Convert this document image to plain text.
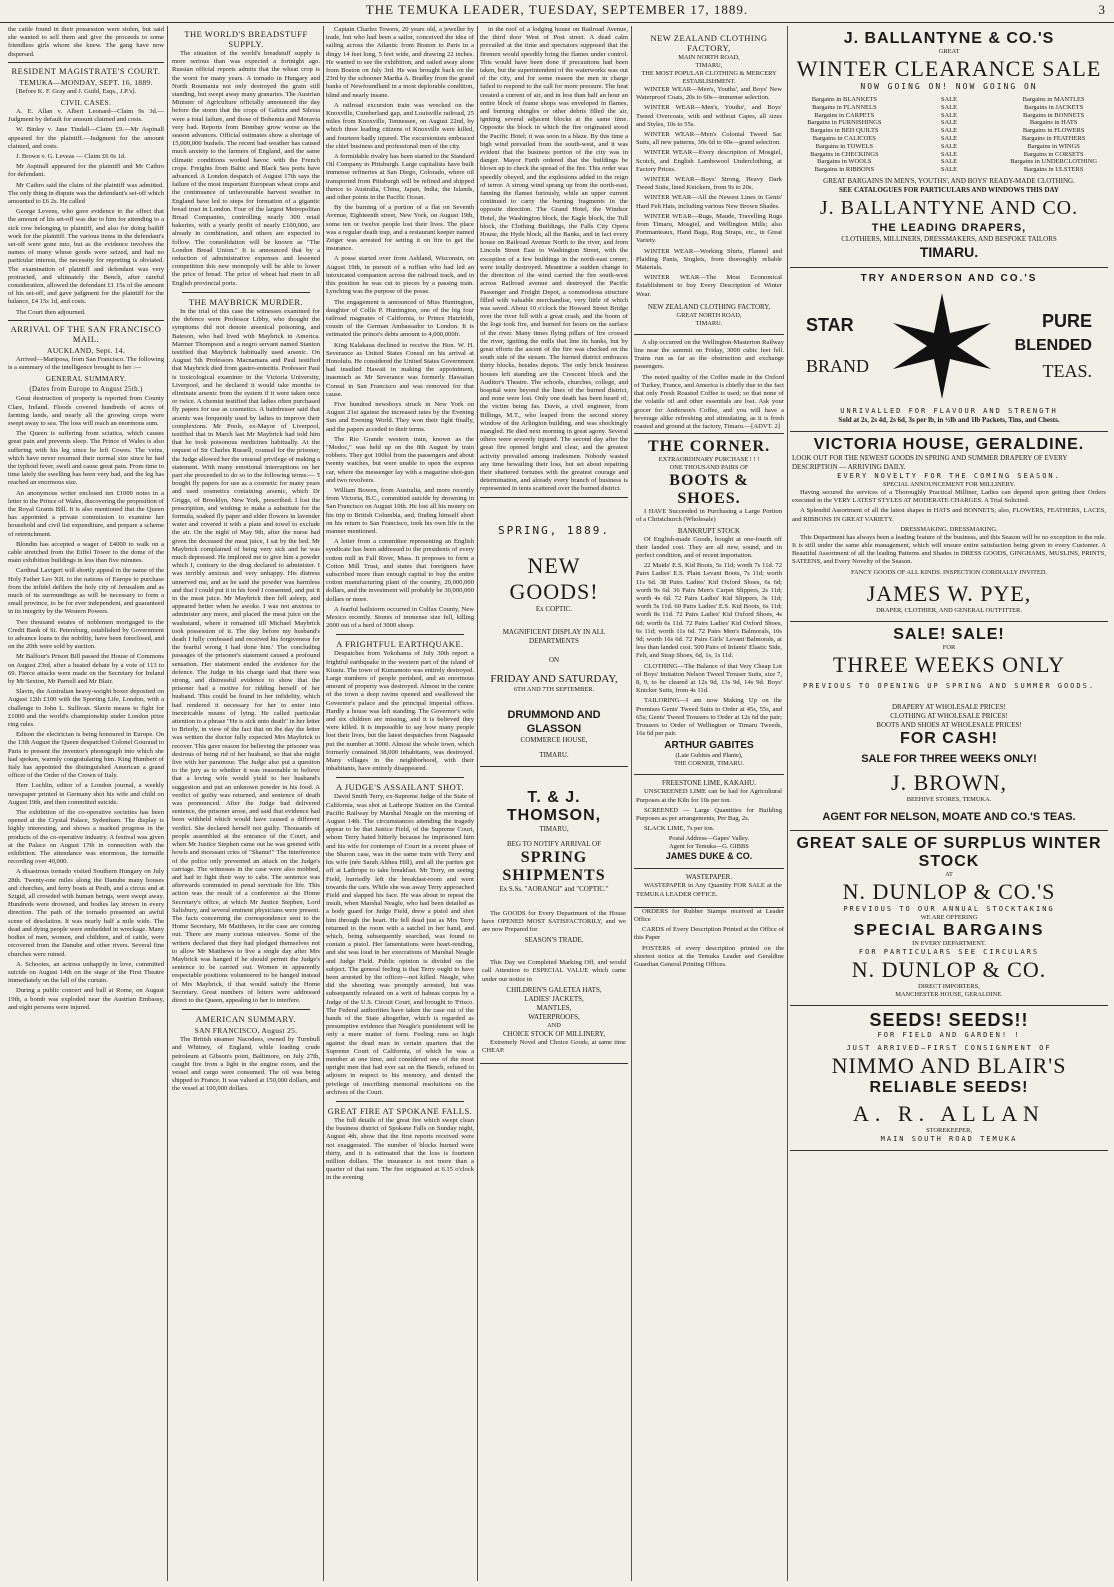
THE TEMUKA LEADER, TUESDAY, SEPTEMBER 17, 1889.	3

the cattle found in their possession were stolen, but said she wanted to sell them and give the proceeds to some friendless girls whom she knew. The gang have now dispersed.

RESIDENT MAGISTRATE'S COURT.
TEMUKA—MONDAY, SEPT. 16, 1889.

[Before K. F. Gray and J. Guild, Esqs., J.P.'s].

CIVIL CASES.

A. E. Allan v. Albert Leonard—Claim 9s 3d.—Judgment by default for amount claimed and costs.

W. Binley v. Jane Tindall—Claim £9.—Mr Aspinall appeared for the plaintiff.—Judgment for the amount claimed, and costs.

J. Brown v. G. Leveas — Claim £6 0s 1d.

Mr Aspinall appeared for the plaintiff and Mr Cathro for defendant.

Mr Cathro said the claim of the plaintiff was admitted. The only thing in dispute was the defendant's set-off which amounted to £6 2s. He called

George Levens, who gave evidence to the effect that the amount of his set-off was due to him for attending to a sick cow belonging to plaintiff, and also for doing bailiff work for the plaintiff. The various items in the defendant's set-off were gone into, but as the evidence involves the names of many whose goods were seized, and had no particular interest, the necessity for reporting is obviated. The examination of plaintiff and defendant was very protracted, and ultimately the Bench, after careful consideration, allowed the defendant £1 15s of the amount of his set-off, and gave judgment for the plaintiff for the balance, £4 15s 1d, and costs.

The Court then adjourned.

ARRIVAL OF THE SAN FRANCISCO MAIL.
AUCKLAND, Sept. 14.

Arrived—Mariposa, from San Francisco. The following is a summary of the intelligence brought to her :—

GENERAL SUMMARY.
(Dates from Europe to August 25th.)

Great destruction of property is reported from County Clare, Ireland. Floods covered hundreds of acres of farming lands, and nearly all the growing crops were swept away to sea. The loss will reach an enormous sum.

The Queen is suffering from sciatica, which causes great pain and prevents sleep. The Prince of Wales is also suffering with his leg since he left Cowes. The veins, which have never resumed their normal size since he had the typhoid fever, swell and cause great pain. From time to time lately the swelling has been very bad, and the leg has reached an enormous size.

An anonymous writer enclosed ten £1000 notes in a letter to the Prince of Wales, discovering the proposition of the Royal Grants Bill. It is also mentioned that the Queen has appointed a private commission to examine her household and civil list expenditure, and prepare a scheme of retrenchment.

Blondin has accepted a wager of £4000 to walk on a cable stretched from the Eiffel Tower to the dome of the main exhibition buildings in less than five minutes.

Cardinal Lavigeri will shortly appeal in the name of the Holy Father Leo XII. to the nations of Europe to purchase from the infidel defilers the holy city of Jerusalem and as much of its surroundings as will be necessary to form a small province, to be for ever independent, and guaranteed in its integrity by the Western Powers.

Two thousand estates of noblemen mortgaged to the Credit Bank of St. Petersburg, established by Government to advance loans to the nobility, have been foreclosed, and on the 20th were sold by auction.

Mr Balfour's Prison Bill passed the House of Commons on August 23rd, after a heated debate by a vote of 113 to 69. Fierce attacks were made on the Secretary for Ireland by Mr Sexton, Mr Parnell and Mr Blair.

Slavin, the Australian heavy-weight boxer deposited on August 12th £100 with the Sporting Life, London, with a challenge to John L. Sullivan. Slavin means to fight for £1000 and the world's championship under London prize ring rules.

Edison the electrician is being honoured in Europe. On the 13th August the Queen despatched Colonel Gouraud to Paris to present the inventor's phonograph into which she had spoken, warmly congratulating him. King Humbert of Italy has appointed the distinguished American a grand officer of the Order of the Crown of Italy.

Herr Lochlin, editor of a London journal, a weekly newspaper printed in Germany shot his wife and child on August 19th, and then committed suicide.

The exhibition of the co-operative societies has been opened at the Crystal Palace, Sydenham. The display is highly interesting, and shows a marked progress in the products of the co-operative industry. A festival was given at the Palace on August 17th in connection with the exhibition. The attendance was enormous, the turnstile recording over 40,000.

A disastrous tornado visited Southern Hungary on July 28th. Twenty-one miles along the Danube many houses and churches, and ferry boats at Pesth, and a circus and at Szigid, all crowded with human beings, were swept away. Hundreds were drowned, and bodies lay strewn in every direction. The path of the tornado presented an awful scene of desolation. It was nearly half a mile wide. The dead and dying people were embedded in wreckage. Many bodies of men, women, and children, and of cattle, were recovered from the Danube and other rivers. Several fine churches were ruined.

A. Schootes, an actress unhappily in love, committed suicide on August 14th on the stage of the First Theatre immediately on the fall of the curtain.

During a public concert and ball at Rome, on August 19th, a bomb was exploded near the Austrian Embassy, and eight persons were injured.

THE WORLD'S BREADSTUFF SUPPLY.

The situation of the world's breadstuff supply is more serious than was expected a fortnight ago. Russian official reports admits that the wheat crop is the worst for many years. A tornado in Hungary and North Roumania not only destroyed the grain still standing, but swept away many granaries. The Austrian Minister of Agriculture officially announced the day before the storm that the crops of Galicia and Silesia were a total failure, and those of Bohemia and Moravia very bad. Reports from Bombay grow worse as the season advances. Official estimates show a shortage of 15,000,000 bushels. The recent bad weather has caused much anxiety to the farmers of England, and the same climatic conditions worked havoc with the French crops. Freights from Baltic and Black Sea ports have advanced. A London despatch of August 17th says the failure of the most important European wheat crops and the continuance of unfavourable harvest weather in England have led to steps for formation of a gigantic bread trust in London. Four of the largest Metropolitan Bread Companies, controlling nearly 300 retail bakeries, with a yearly profit of nearly £100,000, are already in combination, and others are expected to follow. The consolidation will be known as "The London Bread Union." It is announced that by a reduction of administrative expenses and lessened competition this new monopoly will be able to lower the price of bread. The price of wheat had risen in all English provincial ports.

THE MAYBRICK MURDER.

In the trial of this case the witnesses examined for the defence were Professor Libby, who thought the symptoms did not denote arsenical poisoning, and Bateson, who had lived with Maybrick in America. Marmer Thompson and a negro servant named Stanton testified that Maybrick habitually used arsenic. On August 5th Professors Macnamara and Paul testified that Maybrick died from gastro-enteritis. Professor Paul is toxicological examiner in the Victoria University, Liverpool, and he declared it would take months to eliminate arsenic from the system if it were taken once or twice. A chemist testified that ladies often purchased fly papers for use as cosmetics. A hairdresser said that arsenic was frequently used by ladies to improve their complexions. Mr Pools, ex-Mayor of Liverpool, testified that in March last Mr Maybrick had told him that he took poisonous medicines habitually. At the request of Sir Charles Russell, counsel for the prisoner, the Judge allowed her the unusual privilege of making a statement. With many emotional interruptions on her part she proceeded to do so to the following terms:— 'I bought fly papers for use as a cosmetic for many years and used cosmetics containing arsenic, which Dr Griggs, of Brooklyn, New York, prescribed. I lost the prescription, and wishing to make a substitute for the formula, soaked fly paper and elder flowers in lavender water and covered it with a plate and towel to exclude the air. On the night of May 9th, after the nurse had given the deceased the meat juice, I sat by the bed. Mr Maybrick complained of being very sick and he was much depressed. He implored me to give him a powder which I, contrary to the drug declared to administer. I was terribly anxious and very unhappy. His distress unnerved me, and as he said the powder was harmless and that I could put it in his food I consented, and put it in the meat juice. Mr Maybrick then fell asleep, and appeared better when he awoke. I was not anxious to administer any more, and placed the meat juice on the washstand, where it remained till Michael Maybrick took possession of it. The day before my husband's death I fully confessed and received his forgiveness for the fearful wrong I had done him.' The concluding passages of the prisoner's statement caused a profound sensation. Her statement ended the evidence for the defence. The Judge in his charge said that there was strong, and distressful evidence to show that the prisoner had a motive for ridding herself of her husband. This could be found in her infidelity, which had rendered it necessary for her to enter into inextricable means of lying. He called particular attention to a phrase "He is sick unto death" in her letter to Brierly, in view of the fact that on the day the letter was written the doctor fully expected Mrs Maybrick to recover. This gave reason for believing the prisoner was desirous of being rid of her husband, so that she might live with her paramour. The Judge also put a question to the jury as to whether it was reasonable to believe that a loving wife would yield to her husband's suggestion and put an unknown powder in his food. A verdict of guilty was returned, and sentence of death was pronounced. After the Judge had delivered sentence, the prisoner arose, and said that evidence had been withheld which would have caused a different verdict. She declared herself not guilty. Thousands of people assembled at the entrance of the Court, and when Mr Justice Stephen came out he was greeted with howls and incessant cries of "Shame!" The interference of the police only prevented an attack on the Judge's carriage. The witnesses in the case were also mobbed, and had to fight their way to cabs. The sentence was afterwards commuted to penal servitude for life. This action was the result of a conference at the Home Secretary's office, at which Mr Justice Stephen, Lord Salisbury, and several eminent physicians were present. The facts concerning the correspondence sent to the Home Secretary, Mr Matthews, in the case are coming out. There are many curious missives. Some of the writers declared that they had pledged themselves not to allow Mr Matthews to live a single day after Mrs Maybrick was hanged if he should permit the Judge's sentence to be carried out. Women in apparently respectable positions volunteered to be hanged instead of Mrs Maybrick, if that would satisfy the Home Secretary. Great numbers of letters were addressed direct to the Queen, appealing to her to interfere.

AMERICAN SUMMARY.
SAN FRANCISCO, August 25.

The British steamer Nacodees, owned by Turnbull and Whitney, of England, while loading crude petroleum at Gibson's point, Baltimore, on July 27th, caught fire from a light in the engine room, and the vessel and cargo were consumed. The oil was being shipped to France. It was valued at 150,000 dollars, and the vessel at 100,000 dollars.

Captain Charles Towers, 20 years old, a jeweller by trade, but who had been a sailor, conceived the idea of sailing across the Atlantic from Boston to Paris in a dingy 14 feet long, 5 feet wide, and drawing 22 inches. He wanted to see the exhibition, and sailed away alone from Boston on July 3rd. He was brought back on the 23rd by the schooner Martha A. Bradley from the grand banks of Newfoundland in a most deplorable condition, blind and nearly insane.

A railroad excursion train was wrecked on the Knoxville, Cumberland gap, and Louisville railroad, 25 miles from Knoxville, Tennessee, on August 22nd, by which three leading citizens of Knoxville were killed, and fourteen badly injured. The excursionists embraced the chief business and professional men of the city.

A formidable rivalry has been started to the Standard Oil Company in Pittsburgh. Large capitalists have built immense refineries at San Diego, Colorado, where oil transported from Pittsburgh will be refined and shipped thence to Australia, China, Japan, India, the Islands, and other points in the Pacific Ocean.

By the burning of a portion of a flat on Seventh Avenue, Eighteenth street, New York, on August 19th, some ten or twelve people lost their lives. The place was a regular death trap, and a restaurant keeper named Zeiger was arrested for setting it on fire to get the insurance.

A posse started over from Ashland, Wisconsin, on August 19th, in pursuit of a ruffian who had led an intoxicated companion across the railroad track, and in this position he was cut to pieces by a passing train. Lynching was the purpose of the posse.

The engagement is announced of Miss Huntington, daughter of Collis P. Huntington, one of the big four railroad magnates of California, to Prince Hatzfeldt, cousin of the German Ambassador to London. It is estimated the prince's debts amount to 4,000,000fr.

King Kalakaua declined to receive the Hon. W. H. Severance as United States Consul on his arrival at Honolulu. He considered the United States Government had insulted Hawaii in making the appointment, inasmuch as Mr Severance was formerly Hawaiian Consul in San Francisco and was removed for that cause.

Five hundred newsboys struck in New York on August 21st against the increased rates by the Evening Sun and Evening World. They won their fight finally, and the papers acceded to their terms.

The Rio Grande western train, known as the "Modoc," was held up on the 8th August by train robbers. They got 100lol from the passengers and about twenty watches, but were unable to open the express car, where the messenger lay with a magazine shot-gun and two revolvers.

William Bowen, from Australia, and more recently from Victoria, B.C., committed suicide by drowning in San Francisco on August 10th. He lost all his money on his trip to British Columbia, and, finding himself short on his return to San Francisco, took his own life in the manner mentioned.

A letter from a committee representing an English syndicate has been addressed to the presidents of every cotton mill in Fall River, Mass. It proposes to form a Cotton Mill Trust, and states that foreigners have subscribed more than enough capital to buy the entire cotton manufacturing plant of the country, 20,000,000 dollars, and the investment will probably be 30,000,000 dollars or more.

A fearful hailstorm occurred in Colfax County, New Mexico recently. Stones of immense size fell, killing 2000 out of a herd of 3000 sheep.

A FRIGHTFUL EARTHQUAKE.

Despatches from Yokohama of July 30th report a frightful earthquake in the western part of the island of Kiusiu. The town of Kumamoto was entirely destroyed. Large numbers of people perished, and an enormous amount of property was destroyed. Almost in the centre of the town a deep ravine opened and swallowed the Governor's palace and the principal imperial offices. Hardly a house was left standing. The Governor's wife and six children are missing, and it is believed they were killed. It is impossible to say how many people lost their lives, but the latest despatches from Nagasaki put the number at 3000. Almost the whole town, which formerly contained 38,000 inhabitants, was destroyed. Many villages in the neighborhood, with their inhabitants, have entirely disappeared.

A JUDGE'S ASSAILANT SHOT.

David Smith Terry, ex-Supreme Judge of the State of California, was shot at Lathrope Station on the Central Pacific Railway by Marshal Neagle on the morning of August 14th. The circumstances attending the tragedy appear to be that Justice Field, of the Supreme Court, whom Terry hated bitterly because he imprisoned him and his wife for contempt of Court in a recent phase of the Sharon case, was in the same train with Terry and his wife (née Sarah Althea Hill), and all the parties got off at Lathrope to take breakfast. Mr Terry, on seeing Field, hurriedly left the breakfast-room and went towards the cars. While she was away Terry approached Field and slapped his face. He was about to repeat the insult, when Marshal Neagle, who had been detailed as a body guard for Judge Field, drew a pistol and shot him through the heart. He fell dead just as Mrs Terry returned to the room with a satchel in her hand, and which, being subsequently searched, was found to contain a pistol. Her lamentations were heart-rending, and she was loud in her execrations of Marshal Neagle and Judge Field. Public opinion is divided on the subject. The general feeling is that Terry ought to have been arrested by the officer—not killed. Neagle, who did the shooting was promptly arrested, but was subsequently released on a writ of habeas corpus by a Judge of the U.S. Circuit Court, and brought to 'Frisco. The Federal authorities have taken the case out of the hands of the State altogether, which is regarded as presumptive evidence that Neagle's punishment will be only a mere matter of form. Feeling runs so high against the dead man in certain quarters that the Supreme Court of California, of which he was a member at one time, and considered one of the most upright men that had ever sat on the Bench, refused to adjourn in respect to his memory, and denied the privilege of inscribing memorial resolutions on the archives of the Court.

GREAT FIRE AT SPOKANE FALLS.

The full details of the great fire which swept clean the business district of Spokane Falls on Sunday night, August 4th, show that the first reports received were not exaggerated. The number of blocks burned were thirty, and it is estimated that the loss is fourteen million dollars. The insurance is not more than a quarter of that sum. The fire originated at 6.15 o'clock in the evening

in the roof of a lodging house on Railroad Avenue, the third door West of Post street. A dead calm prevailed at the time and spectators supposed that the firemen would speedily bring the flames under control. This would have been done if precautions had been taken, but the superintendent of the waterworks was out of the city, and for some reason the men in charge failed to respond to the call for more pressure. The heat created a current of air, and in less than half an hour an entire block of frame shops was enveloped in flames, and burning shingles or other debris filled the air, igniting several adjacent blocks at the same time. Opposite the block in which the fire originated stood the Pacific Hotel; it was soon in a blaze. By this time a high wind prevailed from the south-west, and it was evident that the business portion of the city was in danger. Mayor Furth ordered that the buildings be blown up to check the spread of the fire. This order was speedily obeyed, and the explosions added to the reign of terror. A strong wind sprang up from the north-east, fanning the flames furiously, while an upper current continued to carry the burning fragments in the opposite direction. The Grand Hotel, the Windsor Hotel, the Washington block, the Eagle block, the Tull block, the Clothing Buildings, the Falls City Opera House, the Hyde block, all the Banks, and in fact every house on Railroad Avenue North to the river, and from Lincoln Street East to Washington Street, with the exception of a few buildings in the north-east corner, were totally destroyed. Meantime a sudden change in the direction of the wind carried the fire south-west across Railroad avenue and destroyed the Pacific Passenger and Freight Depot, a commodious structure filled with valuable merchandise, very little of which was saved. About 10 o'clock the Howard Street Bridge over the river fell with a great crash, and the boom of the logs took fire, and burned for hours on the surface of the river. Many times flying pillars of fire crossed the river, igniting the mills that line its banks, but by great efforts the ascent of the fire was checked on the south side of the stream. The burned district embraces thirty blocks, besides depots. The only brick business houses left standing are the Crescent block and the Auditor's Theatre. The schools, churches, college, and hospital were beyond the lines of the burned district, and none were lost. Only one death has been heard of, the victim being Jas. Davis, a civil engineer, from Billings, M.T., who leaped from the second storey window of the Arlington building, and was shockingly mangled. He died next morning in great agony. Several others were severely injured. The second day after the great fire opened bright and clear, and the greatest activity prevailed among tradesmen. Nobody wasted any time bewailing their loss, but set about repairing their shattered fortunes with the greatest courage and determination, and already every branch of business is represented in tents scattered over the burned district.

SPRING, 1889.
NEW GOODS!
Ex COPTIC.
MAGNIFICENT DISPLAY IN ALL DEPARTMENTS
ON
FRIDAY AND SATURDAY,
6TH AND 7TH SEPTEMBER.
DRUMMOND AND GLASSON
COMMERCE HOUSE,
TIMARU.
T. & J. THOMSON,
TIMARU,
BEG TO NOTIFY ARRIVAL OF
SPRING SHIPMENTS
Ex S.Ss. "AORANGI" and "COPTIC."

The GOODS for Every Department of the House have OPENED MOST SATISFACTORILY, and we are now Prepared for

SEASON'S TRADE.

This Day we Completed Marking Off, and would call Attention to ESPECIAL VALUE which came under our notice in

CHILDREN'S GALETEA HATS,
LADIES' JACKETS,
MANTLES,
WATERPROOFS,
AND
CHOICE STOCK OF MILLINERY,

Extremely Novel and Choice Goods, at same time CHEAP.

NEW ZEALAND CLOTHING FACTORY,
MAIN NORTH ROAD,
TIMARU,
THE MOST POPULAR CLOTHING & MERCERY ESTABLISHMENT.

WINTER WEAR—Men's, Youths', and Boys' New Waterproof Coats, 20s to 60s—immense selection.

WINTER WEAR—Men's, Youths', and Boys' Tweed Overcoats, with and without Capes, all sizes and Styles, 10s to 55s.

WINTER WEAR—Men's Colonial Tweed Sac Suits, all new patterns, 30s 6d to 60s—grand selection.

WINTER WEAR—Every description of Mosgiel, Scotch, and English Lambswool Underclothing, at Factory Prices.

WINTER WEAR—Boys' Strong, Heavy Dark Tweed Suits, lined Knickers, from 9s to 20s.

WINTER WEAR—All the Newest Lines in Gents' Hard Felt Hats, including various New Brown Shades.

WINTER WEAR—Rugs, Maude, Travelling Rugs from Timaru, Mosgiel, and Wellington Mills; also Portmanteaux, Hand Bags, Rug Straps, etc., in Great Variety.

WINTER WEAR—Working Shirts, Flannel and Plaiding Pants, Singlets, from thoroughly reliable Materials.

WINTER WEAR—The Most Economical Establishment to buy Every Description of Winter Wear.

NEW ZEALAND CLOTHING FACTORY,
GREAT NORTH ROAD,
TIMARU.

A slip occurred on the Wellington-Masterton Railway line near the summit on Friday, 3000 cubic feet fell. Trains run as far as the obstruction and exchange passengers.

The noted quality of the Coffee made in the Oxford of Turkey, France, and America is chiefly due to the fact that only Fresh Roasted Coffee is used; so that none of the volatile oil and other essentials are lost. Ask your grocer for Anderson's Coffee, and you will have a beverage alike refreshing and stimulating, as it is fresh roasted and ground at the factory, Timaru.—[ADVT. 2]

THE CORNER.
EXTRAORDINARY PURCHASE ! ! !
ONE THOUSAND PAIRS OF
BOOTS & SHOES.

I HAVE Succeeded in Purchasing a Large Portion of a Christchurch (Wholesale)

BANKRUPT STOCK

Of English-made Goods, bought at one-fourth off their landed cost. They are all new, sound, and in perfect condition, and of recent importation.

22 Maids' E.S. Kid Boots, 5s 11d; worth 7s 11d. 72 Pairs Ladies' E.S. Plain Levant Boots, 7s 11d; worth 11s 6d. 38 Pairs Ladies' Kid Oxford Shoes, 6s 6d; worth 9s 6d. 36 Pairs Men's Carpet Slippers, 2s 11d; worth 4s 6d. 72 Pairs Ladies' Kid Slippers, 3s 11d; worth 5s 11d. 60 Pairs Ladies' E.S. Kid Boots, 6s 11d; worth 8s 11d. 72 Pairs Ladies' Kid Oxford Shoes, 4s 6d; worth 6s 11d. 72 Pairs Ladies' Kid Oxford Shoes, 6s 11d; worth 11s 6d. 72 Pairs Men's Balmorals, 10s 9d; worth 16s 6d. 72 Pairs Girls' Levant Balmorals, at less than landed cost. 500 Pairs of Infants' Elastic Side, Felt, and Strap Shoes, 6d, 1s, 1s 11d.

CLOTHING—The Balance of that Very Cheap Lot of Boys' Imitation Nelson Tweed Trouser Suits, size 7, 8, 9, to be cleared at 12s 9d, 13s 9d, 14s 9d. Boys' Knicker Suits, from 4s 11d.

TAILORING—I am now Making Up on the Premises Gents' Tweed Suits to Order at 45s, 55s, and 65s; Gents' Tweed Trousers to Order at 12s 6d the pair; Trousers to Order of Wellington or Timaru Tweeds, 16s 6d per pair.

ARTHUR GABITES
(Late Gubites and Plante),
THE CORNER, TIMARU.
FREESTONE LIME, KAKAHU.

UNSCREENED LIME can be had for Agricultural Purposes at the Kiln for 10s per ton.

SCREENED — Large Quantities for Building Purposes as per arrangements, Per Bag, 2s.

SLACK LIME, 7s per ton.

Postal Address—Gapes' Valley.
Agent for Temuka—G. GIBBS
JAMES DUKE & CO.
WASTEPAPER.

WASTEPAPER in Any Quantity FOR SALE at the TEMUKA LEADER OFFICE.

ORDERS for Rubber Stamps received at Leader Office

CARDS of Every Description Printed at the Office of this Paper

POSTERS of every description printed on the shortest notice at the Temuka Leader and Geraldine Guardian General Printing Offices.

J. BALLANTYNE & CO.'S
GREAT
WINTER CLEARANCE SALE
NOW GOING ON! NOW GOING ON
Bargains in BLANKETS	SALE	Bargains in MANTLES
Bargains in FLANNELS	SALE	Bargains in JACKETS
Bargains in CARPETS	SALE	Bargains in BONNETS
Bargains in FURNISHINGS	SALE	Bargains in HATS
Bargains in BED QUILTS	SALE	Bargains in FLOWERS
Bargains in CALICOES	SALE	Bargains in FEATHERS
Bargains in TOWELS	SALE	Bargains in WINGS
Bargains in CHECKINGS	SALE	Bargains in CORSETS
Bargains in WOOLS	SALE	Bargains in UNDERCLOTHING
Bargains in RIBBONS	SALE	Bargains in ULSTERS
GREAT BARGAINS IN MEN'S, YOUTHS', AND BOYS' READY-MADE CLOTHING.
SEE CATALOGUES FOR PARTICULARS AND WINDOWS THIS DAY
J. BALLANTYNE AND CO.
THE LEADING DRAPERS,
CLOTHIERS, MILLINERS, DRESSMAKERS, AND BESPOKE TAILORS
TIMARU.
TRY ANDERSON AND CO.'S
STAR
BRAND
PURE
BLENDED
TEAS.
UNRIVALLED FOR FLAVOUR AND STRENGTH
Sold at 2s, 2s 4d, 2s 6d, 3s per lb, in ½lb and 1lb Packets, Tins, and Chests.
VICTORIA HOUSE, GERALDINE.
LOOK OUT FOR THE NEWEST GOODS IN SPRING AND SUMMER DRAPERY OF EVERY DESCRIPTION — ARRIVING DAILY.
EVERY NOVELTY FOR THE COMING SEASON.
SPECIAL ANNOUNCEMENT FOR MILLINERY.

Having secured the services of a Thoroughly Practical Milliner, Ladies can depend upon getting their Orders executed in the VERY LATEST STYLES AT MODERATE CHARGES. A Trial Solicited.

A Splendid Assortment of all the latest shapes in HATS and BONNETS; also, FLOWERS, FEATHERS, LACES, and RIBBONS IN GREAT VARIETY.

DRESSMAKING. DRESSMAKING.

This Department has always been a leading feature of the business, and this Season will be no exception to the rule. It is still under the same able management, which will ensure entire satisfaction being given to every Customer. A Beautiful Assortment of all the leading Patterns and Shades in DRESS GOODS, GINGHAMS, MUSLINS, PRINTS, SATEENS, and Every Novelty of the Season.

FANCY GOODS OF ALL KINDS. INSPECTION CORDIALLY INVITED.
JAMES W. PYE,
DRAPER, CLOTHIER, AND GENERAL OUTFITTER.
SALE! SALE!
FOR
THREE WEEKS ONLY
PREVIOUS TO OPENING UP SPRING AND SUMMER GOODS.
DRAPERY AT WHOLESALE PRICES!
CLOTHING AT WHOLESALE PRICES!
BOOTS AND SHOES AT WHOLESALE PRICES!
FOR CASH!
SALE FOR THREE WEEKS ONLY!
J. BROWN,
BEEHIVE STORES, TEMUKA.
AGENT FOR NELSON, MOATE AND CO.'S TEAS.
GREAT SALE OF SURPLUS WINTER STOCK
AT
N. DUNLOP & CO.'S
PREVIOUS TO OUR ANNUAL STOCKTAKING
WE ARE OFFERING
SPECIAL BARGAINS
IN EVERY DEPARTMENT.
FOR PARTICULARS SEE CIRCULARS
N. DUNLOP & CO.
DIRECT IMPORTERS,
MANCHESTER HOUSE, GERALDINE.
SEEDS! SEEDS!!
FOR FIELD AND GARDEN! !
JUST ARRIVED—FIRST CONSIGNMENT OF
NIMMO AND BLAIR'S
RELIABLE SEEDS!
A. R. ALLAN
STOREKEEPER,
MAIN SOUTH ROAD TEMUKA
